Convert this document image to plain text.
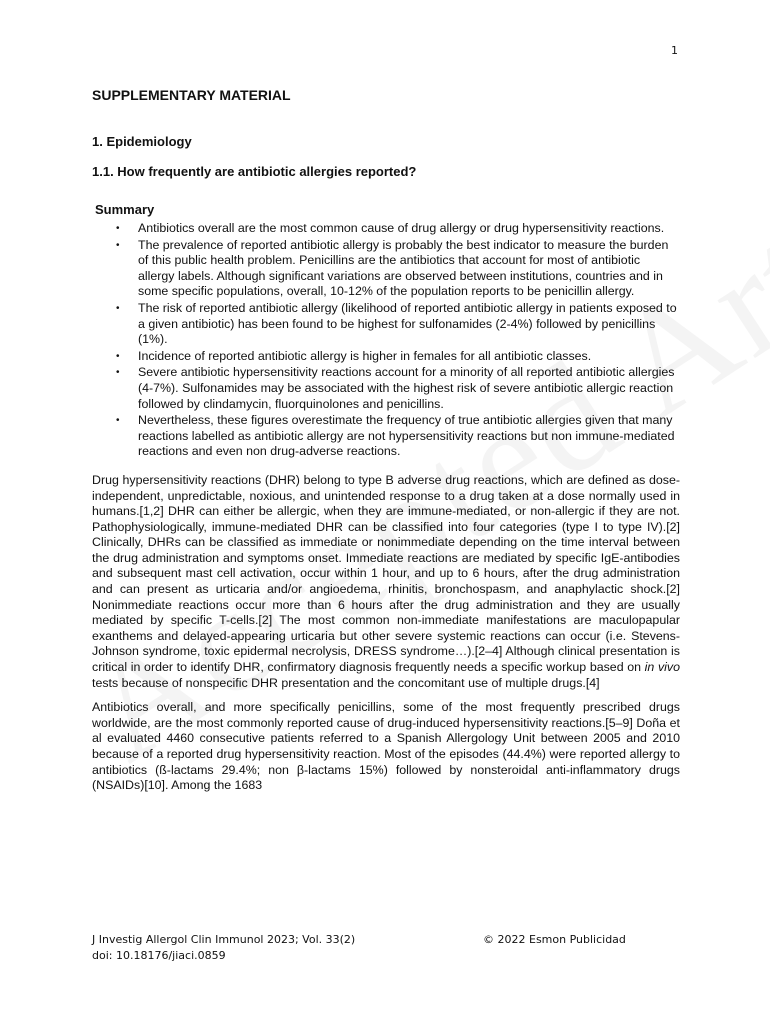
1
SUPPLEMENTARY MATERIAL
1. Epidemiology
1.1. How frequently are antibiotic allergies reported?
Summary
• Antibiotics overall are the most common cause of drug allergy or drug hypersensitivity reactions.
• The prevalence of reported antibiotic allergy is probably the best indicator to measure the burden of this public health problem. Penicillins are the antibiotics that account for most of antibiotic allergy labels. Although significant variations are observed between institutions, countries and in some specific populations, overall, 10-12% of the population reports to be penicillin allergy.
• The risk of reported antibiotic allergy (likelihood of reported antibiotic allergy in patients exposed to a given antibiotic) has been found to be highest for sulfonamides (2-4%) followed by penicillins (1%).
• Incidence of reported antibiotic allergy is higher in females for all antibiotic classes.
• Severe antibiotic hypersensitivity reactions account for a minority of all reported antibiotic allergies (4-7%). Sulfonamides may be associated with the highest risk of severe antibiotic allergic reaction followed by clindamycin, fluorquinolones and penicillins.
• Nevertheless, these figures overestimate the frequency of true antibiotic allergies given that many reactions labelled as antibiotic allergy are not hypersensitivity reactions but non immune-mediated reactions and even non drug-adverse reactions.

Drug hypersensitivity reactions (DHR) belong to type B adverse drug reactions, which are defined as dose-independent, unpredictable, noxious, and unintended response to a drug taken at a dose normally used in humans.[1,2] DHR can either be allergic, when they are immune-mediated, or non-allergic if they are not. Pathophysiologically, immune-mediated DHR can be classified into four categories (type I to type IV).[2] Clinically, DHRs can be classified as immediate or nonimmediate depending on the time interval between the drug administration and symptoms onset. Immediate reactions are mediated by specific IgE-antibodies and subsequent mast cell activation, occur within 1 hour, and up to 6 hours, after the drug administration and can present as urticaria and/or angioedema, rhinitis, bronchospasm, and anaphylactic shock.[2] Nonimmediate reactions occur more than 6 hours after the drug administration and they are usually mediated by specific T-cells.[2] The most common non-immediate manifestations are maculopapular exanthems and delayed-appearing urticaria but other severe systemic reactions can occur (i.e. Stevens-Johnson syndrome, toxic epidermal necrolysis, DRESS syndrome…).[2–4] Although clinical presentation is critical in order to identify DHR, confirmatory diagnosis frequently needs a specific workup based on in vivo tests because of nonspecific DHR presentation and the concomitant use of multiple drugs.[4]

Antibiotics overall, and more specifically penicillins, some of the most frequently prescribed drugs worldwide, are the most commonly reported cause of drug-induced hypersensitivity reactions.[5–9] Doña et al evaluated 4460 consecutive patients referred to a Spanish Allergology Unit between 2005 and 2010 because of a reported drug hypersensitivity reaction. Most of the episodes (44.4%) were reported allergy to antibiotics (ß-lactams 29.4%; non β-lactams 15%) followed by nonsteroidal anti-inflammatory drugs (NSAIDs)[10]. Among the 1683

J Investig Allergol Clin Immunol 2023; Vol. 33(2)
doi: 10.18176/jiaci.0859
© 2022 Esmon Publicidad
